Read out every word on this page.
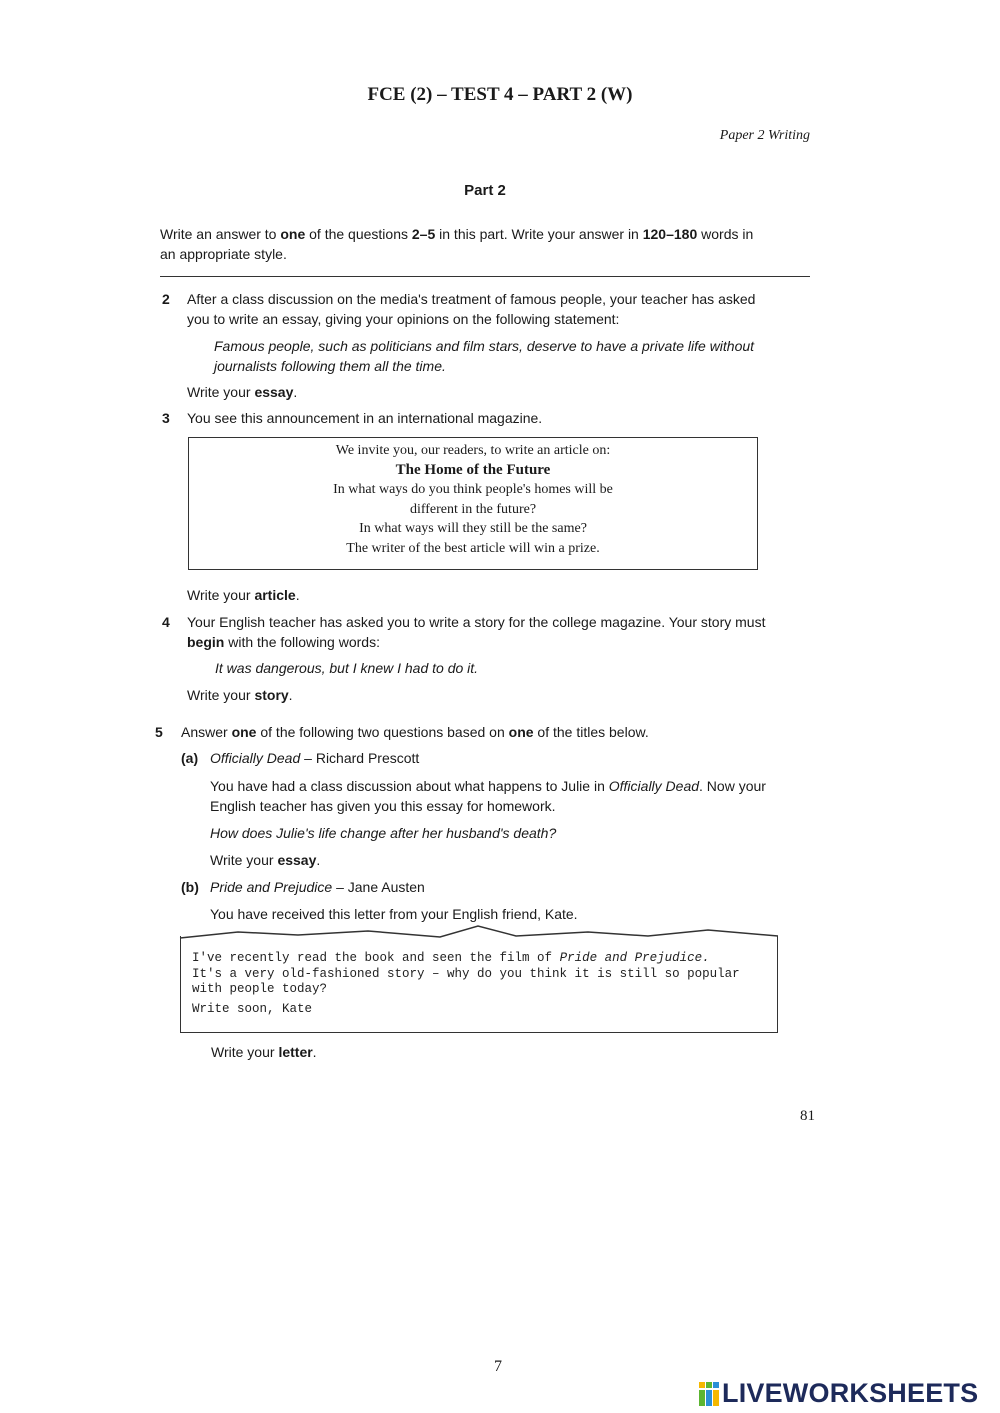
FCE (2) – TEST 4 – PART 2 (W)
Paper 2 Writing
Part 2
Write an answer to one of the questions 2–5 in this part. Write your answer in 120–180 words in
an appropriate style.
2 After a class discussion on the media's treatment of famous people, your teacher has asked
you to write an essay, giving your opinions on the following statement:
Famous people, such as politicians and film stars, deserve to have a private life without
journalists following them all the time.
Write your essay.
3 You see this announcement in an international magazine.
We invite you, our readers, to write an article on:
The Home of the Future
In what ways do you think people's homes will be
different in the future?
In what ways will they still be the same?
The writer of the best article will win a prize.
Write your article.
4 Your English teacher has asked you to write a story for the college magazine. Your story must
begin with the following words:
It was dangerous, but I knew I had to do it.
Write your story.
5 Answer one of the following two questions based on one of the titles below.
(a) Officially Dead – Richard Prescott
You have had a class discussion about what happens to Julie in Officially Dead. Now your
English teacher has given you this essay for homework.
How does Julie's life change after her husband's death?
Write your essay.
(b) Pride and Prejudice – Jane Austen
You have received this letter from your English friend, Kate.
I've recently read the book and seen the film of Pride and Prejudice.
It's a very old-fashioned story – why do you think it is still so popular
with people today?
Write soon, Kate
Write your letter.
81
7
LIVEWORKSHEETS
